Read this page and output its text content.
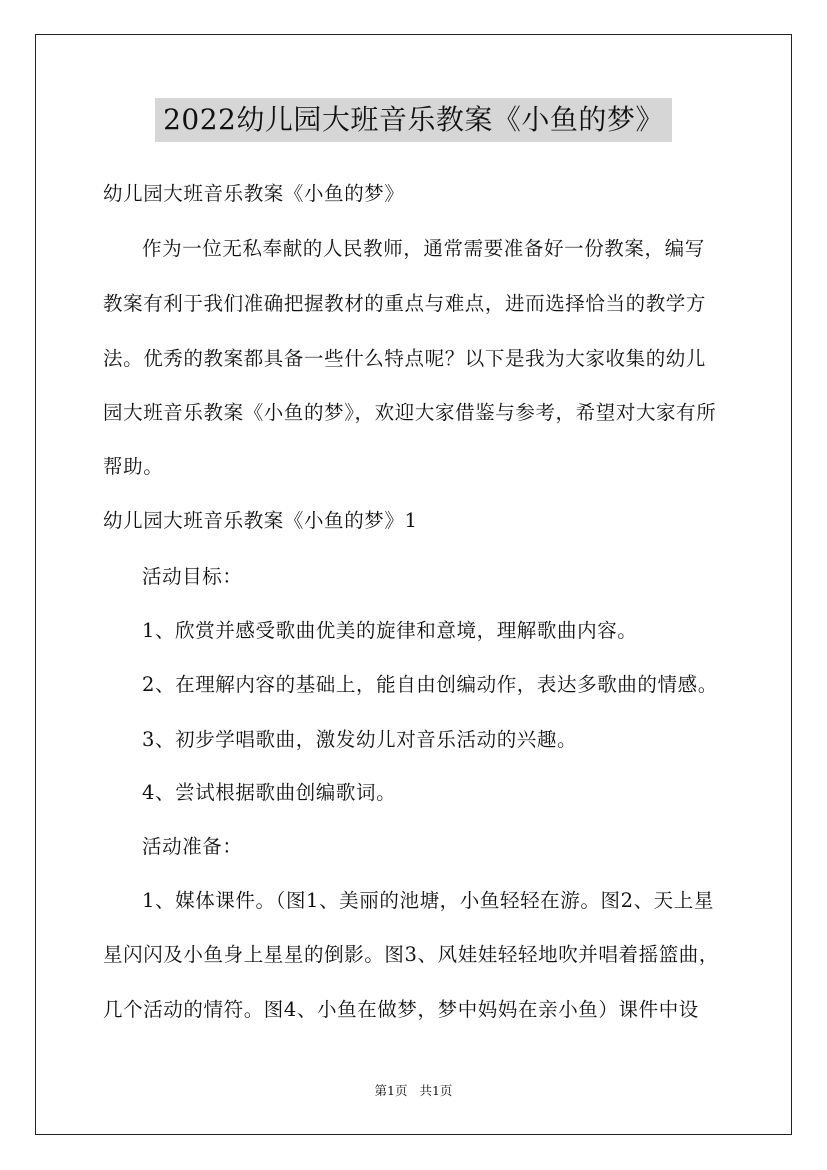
2022幼儿园大班音乐教案《小鱼的梦》
幼儿园大班音乐教案《小鱼的梦》
作为一位无私奉献的人民教师，通常需要准备好一份教案，编写
教案有利于我们准确把握教材的重点与难点，进而选择恰当的教学方
法。优秀的教案都具备一些什么特点呢？以下是我为大家收集的幼儿
园大班音乐教案《小鱼的梦》，欢迎大家借鉴与参考，希望对大家有所
帮助。
幼儿园大班音乐教案《小鱼的梦》1
活动目标：
1、欣赏并感受歌曲优美的旋律和意境，理解歌曲内容。
2、在理解内容的基础上，能自由创编动作，表达多歌曲的情感。
3、初步学唱歌曲，激发幼儿对音乐活动的兴趣。
4、尝试根据歌曲创编歌词。
活动准备：
1、媒体课件。（图1、美丽的池塘，小鱼轻轻在游。图2、天上星
星闪闪及小鱼身上星星的倒影。图3、风娃娃轻轻地吹并唱着摇篮曲，
几个活动的情符。图4、小鱼在做梦，梦中妈妈在亲小鱼）课件中设
第1页 共1页
